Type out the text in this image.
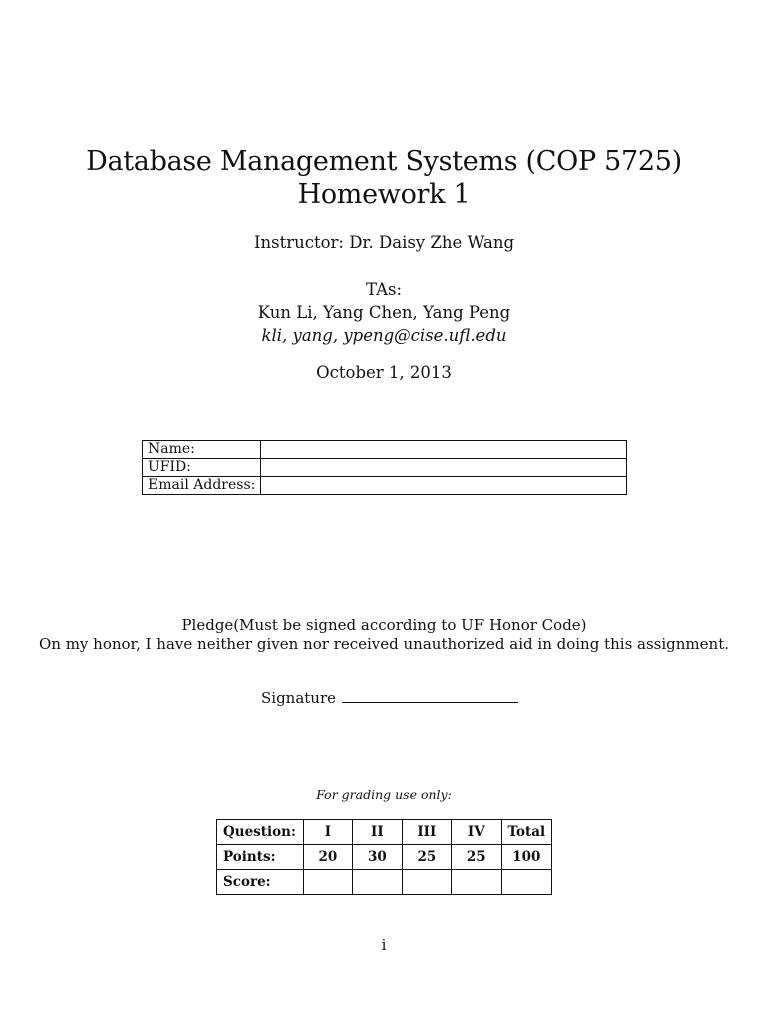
Database Management Systems (COP 5725)
Homework 1
Instructor: Dr. Daisy Zhe Wang
TAs:
Kun Li, Yang Chen, Yang Peng
kli, yang, ypeng@cise.ufl.edu
October 1, 2013
Name:	
UFID:	
Email Address:	
Pledge(Must be signed according to UF Honor Code)
On my honor, I have neither given nor received unauthorized aid in doing this assignment.
Signature
For grading use only:
Question:	I	II	III	IV	Total
Points:	20	30	25	25	100
Score:					
i
